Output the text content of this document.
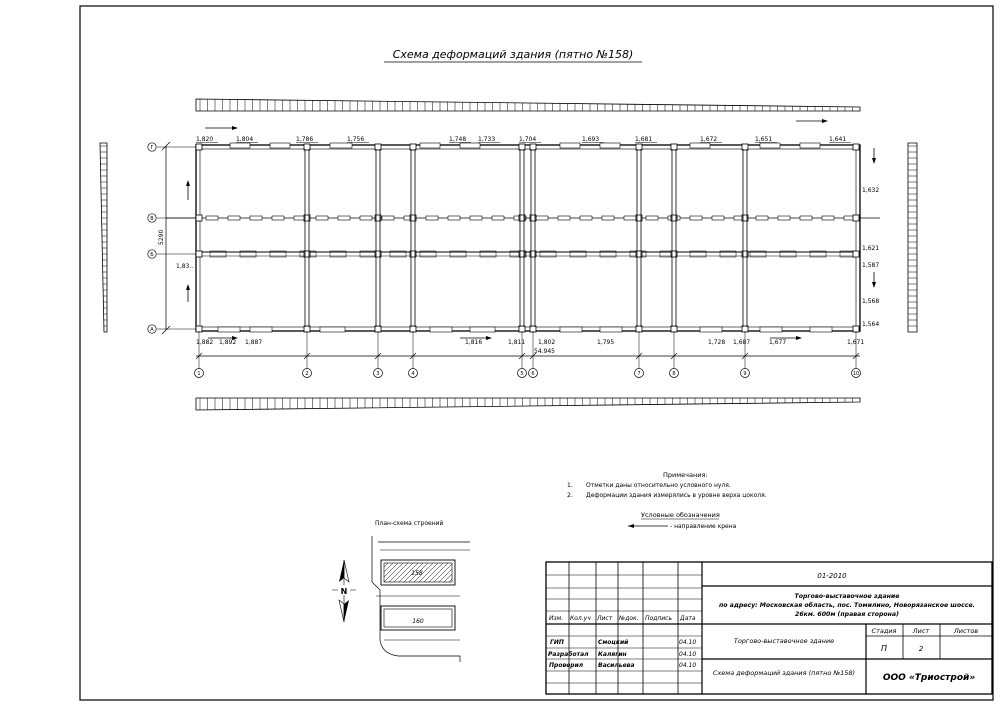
Схема деформаций здания (пятно №158)
1	2	3	4	5 6	7	8	9	10
Г
В
Б
А
5290
1,83..
54.945
1,820	1,804	1,786	1,756	1,748 1,733	1,704	1,693	1,681	1,672	1,651	1,641
1,882 1,892 1,887	1,816	1,811 1,802	1,795	1,728 1,687	1,677	1,671
1,632
1,621
1,587
1,568
1,564
Примечания:
1. Отметки даны относительно условного нуля.
2. Деформации здания измерялись в уровне верха цоколя.
Условные обозначения
- направление крена
План-схема строений
158
160
N
Изм. Кол.уч Лист №док. Подпись Дата
ГИП	Смоцкий	04.10
Разработал Калягин	04.10
Проверил Васильева	04.10
01-2010
Торгово-выставочное здание
по адресу: Московская область, пос. Томилино, Новорязанское шоссе.
26км. 600м (правая сторона)
Торгово-выставочное здание
Схема деформаций здания (пятно №158)
Стадия	Лист	Листов
П	2
ООО «Триострой»
